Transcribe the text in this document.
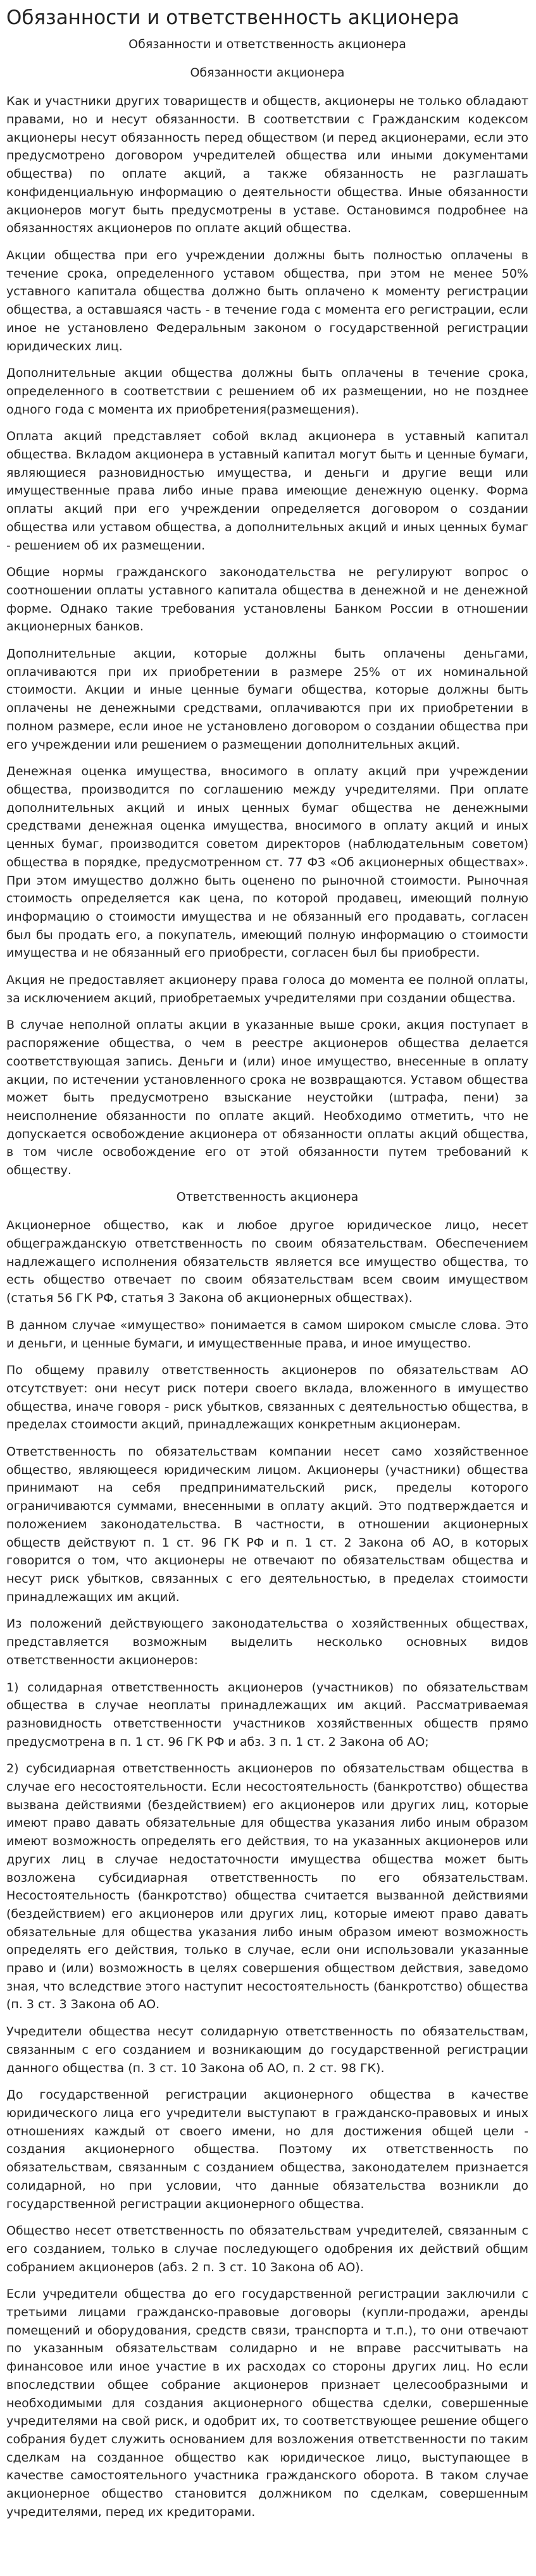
Обязанности и ответственность акционера
Обязанности и ответственность акционера
Обязанности акционера

Как и участники других товариществ и обществ, акционеры не только обладают правами, но и несут обязанности. В соответствии с Гражданским кодексом акционеры несут обязанность перед обществом (и перед акционерами, если это предусмотрено договором учредителей общества или иными документами общества) по оплате акций, а также обязанность не разглашать конфиденциальную информацию о деятельности общества. Иные обязанности акционеров могут быть предусмотрены в уставе. Остановимся подробнее на обязанностях акционеров по оплате акций общества.

Акции общества при его учреждении должны быть полностью оплачены в течение срока, определенного уставом общества, при этом не менее 50% уставного капитала общества должно быть оплачено к моменту регистрации общества, а оставшаяся часть - в течение года с момента его регистрации, если иное не установлено Федеральным законом о государственной регистрации юридических лиц.

Дополнительные акции общества должны быть оплачены в течение срока, определенного в соответствии с решением об их размещении, но не позднее одного года с момента их приобретения(размещения).

Оплата акций представляет собой вклад акционера в уставный капитал общества. Вкладом акционера в уставный капитал могут быть и ценные бумаги, являющиеся разновидностью имущества, и деньги и другие вещи или имущественные права либо иные права имеющие денежную оценку. Форма оплаты акций при его учреждении определяется договором о создании общества или уставом общества, а дополнительных акций и иных ценных бумаг - решением об их размещении.

Общие нормы гражданского законодательства не регулируют вопрос о соотношении оплаты уставного капитала общества в денежной и не денежной форме. Однако такие требования установлены Банком России в отношении акционерных банков.

Дополнительные акции, которые должны быть оплачены деньгами, оплачиваются при их приобретении в размере 25% от их номинальной стоимости. Акции и иные ценные бумаги общества, которые должны быть оплачены не денежными средствами, оплачиваются при их приобретении в полном размере, если иное не установлено договором о создании общества при его учреждении или решением о размещении дополнительных акций.

Денежная оценка имущества, вносимого в оплату акций при учреждении общества, производится по соглашению между учредителями. При оплате дополнительных акций и иных ценных бумаг общества не денежными средствами денежная оценка имущества, вносимого в оплату акций и иных ценных бумаг, производится советом директоров (наблюдательным советом) общества в порядке, предусмотренном ст. 77 ФЗ «Об акционерных обществах». При этом имущество должно быть оценено по рыночной стоимости. Рыночная стоимость определяется как цена, по которой продавец, имеющий полную информацию о стоимости имущества и не обязанный его продавать, согласен был бы продать его, а покупатель, имеющий полную информацию о стоимости имущества и не обязанный его приобрести, согласен был бы приобрести.

Акция не предоставляет акционеру права голоса до момента ее полной оплаты, за исключением акций, приобретаемых учредителями при создании общества.

В случае неполной оплаты акции в указанные выше сроки, акция поступает в распоряжение общества, о чем в реестре акционеров общества делается соответствующая запись. Деньги и (или) иное имущество, внесенные в оплату акции, по истечении установленного срока не возвращаются. Уставом общества может быть предусмотрено взыскание неустойки (штрафа, пени) за неисполнение обязанности по оплате акций. Необходимо отметить, что не допускается освобождение акционера от обязанности оплаты акций общества, в том числе освобождение его от этой обязанности путем требований к обществу.

Ответственность акционера

Акционерное общество, как и любое другое юридическое лицо, несет общегражданскую ответственность по своим обязательствам. Обеспечением надлежащего исполнения обязательств является все имущество общества, то есть общество отвечает по своим обязательствам всем своим имуществом (статья 56 ГК РФ, статья 3 Закона об акционерных обществах).

В данном случае «имущество» понимается в самом широком смысле слова. Это и деньги, и ценные бумаги, и имущественные права, и иное имущество.

По общему правилу ответственность акционеров по обязательствам АО отсутствует: они несут риск потери своего вклада, вложенного в имущество общества, иначе говоря - риск убытков, связанных с деятельностью общества, в пределах стоимости акций, принадлежащих конкретным акционерам.

Ответственность по обязательствам компании несет само хозяйственное общество, являющееся юридическим лицом. Акционеры (участники) общества принимают на себя предпринимательский риск, пределы которого ограничиваются суммами, внесенными в оплату акций. Это подтверждается и положением законодательства. В частности, в отношении акционерных обществ действуют п. 1 ст. 96 ГК РФ и п. 1 ст. 2 Закона об АО, в которых говорится о том, что акционеры не отвечают по обязательствам общества и несут риск убытков, связанных с его деятельностью, в пределах стоимости принадлежащих им акций.

Из положений действующего законодательства о хозяйственных обществах, представляется возможным выделить несколько основных видов ответственности акционеров:

1) солидарная ответственность акционеров (участников) по обязательствам общества в случае неоплаты принадлежащих им акций. Рассматриваемая разновидность ответственности участников хозяйственных обществ прямо предусмотрена в п. 1 ст. 96 ГК РФ и абз. 3 п. 1 ст. 2 Закона об АО;

2) субсидиарная ответственность акционеров по обязательствам общества в случае его несостоятельности. Если несостоятельность (банкротство) общества вызвана действиями (бездействием) его акционеров или других лиц, которые имеют право давать обязательные для общества указания либо иным образом имеют возможность определять его действия, то на указанных акционеров или других лиц в случае недостаточности имущества общества может быть возложена субсидиарная ответственность по его обязательствам. Несостоятельность (банкротство) общества считается вызванной действиями (бездействием) его акционеров или других лиц, которые имеют право давать обязательные для общества указания либо иным образом имеют возможность определять его действия, только в случае, если они использовали указанные право и (или) возможность в целях совершения обществом действия, заведомо зная, что вследствие этого наступит несостоятельность (банкротство) общества (п. 3 ст. 3 Закона об АО.

Учредители общества несут солидарную ответственность по обязательствам, связанным с его созданием и возникающим до государственной регистрации данного общества (п. 3 ст. 10 Закона об АО, п. 2 ст. 98 ГК).

До государственной регистрации акционерного общества в качестве юридического лица его учредители выступают в гражданско-правовых и иных отношениях каждый от своего имени, но для достижения общей цели - создания акционерного общества. Поэтому их ответственность по обязательствам, связанным с созданием общества, законодателем признается солидарной, но при условии, что данные обязательства возникли до государственной регистрации акционерного общества.

Общество несет ответственность по обязательствам учредителей, связанным с его созданием, только в случае последующего одобрения их действий общим собранием акционеров (абз. 2 п. 3 ст. 10 Закона об АО).

Если учредители общества до его государственной регистрации заключили с третьими лицами гражданско-правовые договоры (купли-продажи, аренды помещений и оборудования, средств связи, транспорта и т.п.), то они отвечают по указанным обязательствам солидарно и не вправе рассчитывать на финансовое или иное участие в их расходах со стороны других лиц. Но если впоследствии общее собрание акционеров признает целесообразными и необходимыми для создания акционерного общества сделки, совершенные учредителями на свой риск, и одобрит их, то соответствующее решение общего собрания будет служить основанием для возложения ответственности по таким сделкам на созданное общество как юридическое лицо, выступающее в качестве самостоятельного участника гражданского оборота. В таком случае акционерное общество становится должником по сделкам, совершенным учредителями, перед их кредиторами.
